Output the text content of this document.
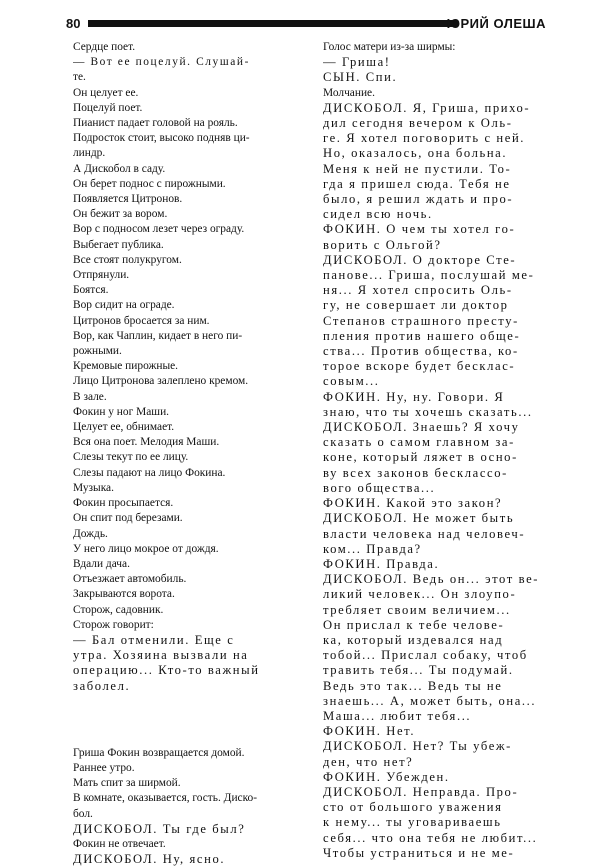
80	ЮРИЙ ОЛЕША
Сердце поет.
— Вот ее поцелуй. Слушай-
те.
Он целует ее.
Поцелуй поет.
Пианист падает головой на рояль.
Подросток стоит, высоко подняв ци-
линдр.
А Дискобол в саду.
Он берет поднос с пирожными.
Появляется Цитронов.
Он бежит за вором.
Вор с подносом лезет через ограду.
Выбегает публика.
Все стоят полукругом.
Отпрянули.
Боятся.
Вор сидит на ограде.
Цитронов бросается за ним.
Вор, как Чаплин, кидает в него пи-
рожными.
Кремовые пирожные.
Лицо Цитронова залеплено кремом.
В зале.
Фокин у ног Маши.
Целует ее, обнимает.
Вся она поет. Мелодия Маши.
Слезы текут по ее лицу.
Слезы падают на лицо Фокина.
Музыка.
Фокин просыпается.
Он спит под березами.
Дождь.
У него лицо мокрое от дождя.
Вдали дача.
Отъезжает автомобиль.
Закрываются ворота.
Сторож, садовник.
Сторож говорит:
— Бал отменили. Еще с
утра. Хозяина вызвали на
операцию... Кто-то важный
заболел.
Гриша Фокин возвращается домой.
Раннее утро.
Мать спит за ширмой.
В комнате, оказывается, гость. Диско-
бол.
ДИСКОБОЛ. Ты где был?
Фокин не отвечает.
ДИСКОБОЛ. Ну, ясно.
Голос матери из-за ширмы:
— Гриша!
СЫН. Спи.
Молчание.
ДИСКОБОЛ. Я, Гриша, прихо-
дил сегодня вечером к Оль-
ге. Я хотел поговорить с ней.
Но, оказалось, она больна.
Меня к ней не пустили. То-
гда я пришел сюда. Тебя не
было, я решил ждать и про-
сидел всю ночь.
ФОКИН. О чем ты хотел го-
ворить с Ольгой?
ДИСКОБОЛ. О докторе Сте-
панове... Гриша, послушай ме-
ня... Я хотел спросить Оль-
гу, не совершает ли доктор
Степанов страшного престу-
пления против нашего обще-
ства... Против общества, ко-
торое вскоре будет бесклас-
совым...
ФОКИН. Ну, ну. Говори. Я
знаю, что ты хочешь сказать...
ДИСКОБОЛ. Знаешь? Я хочу
сказать о самом главном за-
коне, который ляжет в осно-
ву всех законов бесклассо-
вого общества...
ФОКИН. Какой это закон?
ДИСКОБОЛ. Не может быть
власти человека над человеч-
ком... Правда?
ФОКИН. Правда.
ДИСКОБОЛ. Ведь он... этот ве-
ликий человек... Он злоупо-
требляет своим величием...
Он прислал к тебе челове-
ка, который издевался над
тобой... Прислал собаку, чтоб
травить тебя... Ты подумай.
Ведь это так... Ведь ты не
знаешь... А, может быть, она...
Маша... любит тебя...
ФОКИН. Нет.
ДИСКОБОЛ. Нет? Ты убеж-
ден, что нет?
ФОКИН. Убежден.
ДИСКОБОЛ. Неправда. Про-
сто от большого уважения
к нему... ты уговариваешь
себя... что она тебя не любит...
Чтобы устраниться и не ме-
